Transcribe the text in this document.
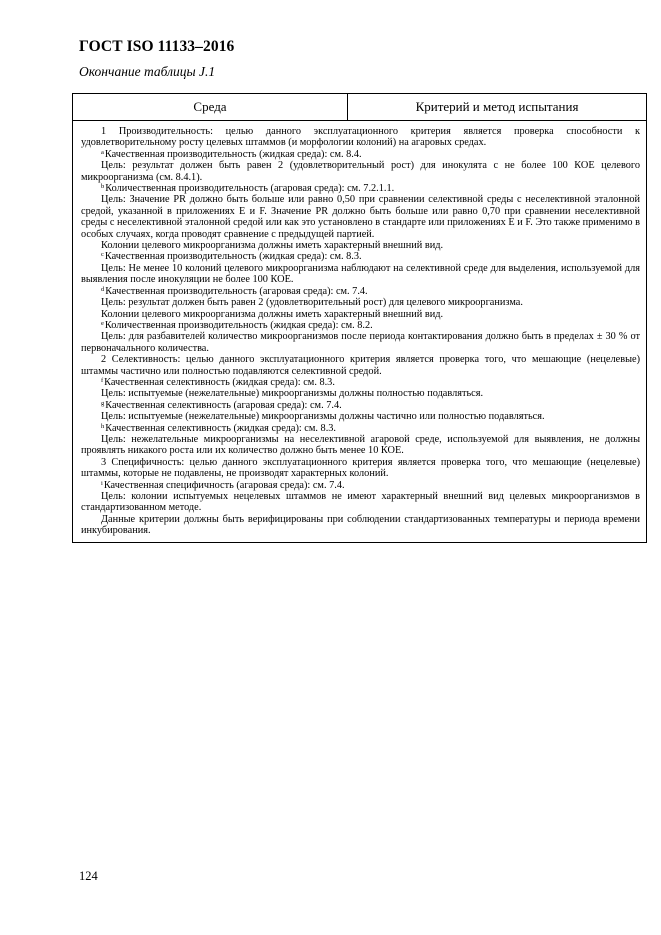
ГОСТ ISO 11133–2016
Окончание таблицы J.1
Среда	Критерий и метод испытания

1 Производительность: целью данного эксплуатационного критерия является проверка способности к удовлетворительному росту целевых штаммов (и морфологии колоний) на агаровых средах.

$^a$Качественная производительность (жидкая среда): см. 8.4.

Цель: результат должен быть равен 2 (удовлетворительный рост) для инокулята с не более 100 КОЕ целевого микроорганизма (см. 8.4.1).

$^b$Количественная производительность (агаровая среда): см. 7.2.1.1.

Цель: Значение PR должно быть больше или равно 0,50 при сравнении селективной среды с неселективной эталонной средой, указанной в приложениях E и F. Значение PR должно быть больше или равно 0,70 при сравнении неселективной среды с неселективной эталонной средой или как это установлено в стандарте или приложениях E и F. Это также применимо в особых случаях, когда проводят сравнение с предыдущей партией.

Колонии целевого микроорганизма должны иметь характерный внешний вид.

$^c$Качественная производительность (жидкая среда): см. 8.3.

Цель: Не менее 10 колоний целевого микроорганизма наблюдают на селективной среде для выделения, используемой для выявления после инокуляции не более 100 КОЕ.

$^d$Качественная производительность (агаровая среда): см. 7.4.

Цель: результат должен быть равен 2 (удовлетворительный рост) для целевого микроорганизма.

Колонии целевого микроорганизма должны иметь характерный внешний вид.

$^e$Количественная производительность (жидкая среда): см. 8.2.

Цель: для разбавителей количество микроорганизмов после периода контактирования должно быть в пределах ± 30 % от первоначального количества.

2 Селективность: целью данного эксплуатационного критерия является проверка того, что мешающие (нецелевые) штаммы частично или полностью подавляются селективной средой.

$^f$Качественная селективность (жидкая среда): см. 8.3.

Цель: испытуемые (нежелательные) микроорганизмы должны полностью подавляться.

$^g$Качественная селективность (агаровая среда): см. 7.4.

Цель: испытуемые (нежелательные) микроорганизмы должны частично или полностью подавляться.

$^h$Качественная селективность (жидкая среда): см. 8.3.

Цель: нежелательные микроорганизмы на неселективной агаровой среде, используемой для выявления, не должны проявлять никакого роста или их количество должно быть менее 10 КОЕ.

3 Специфичность: целью данного эксплуатационного критерия является проверка того, что мешающие (нецелевые) штаммы, которые не подавлены, не производят характерных колоний.

$^i$Качественная специфичность (агаровая среда): см. 7.4.

Цель: колонии испытуемых нецелевых штаммов не имеют характерный внешний вид целевых микроорганизмов в стандартизованном методе.

Данные критерии должны быть верифицированы при соблюдении стандартизованных температуры и периода времени инкубирования.

124
